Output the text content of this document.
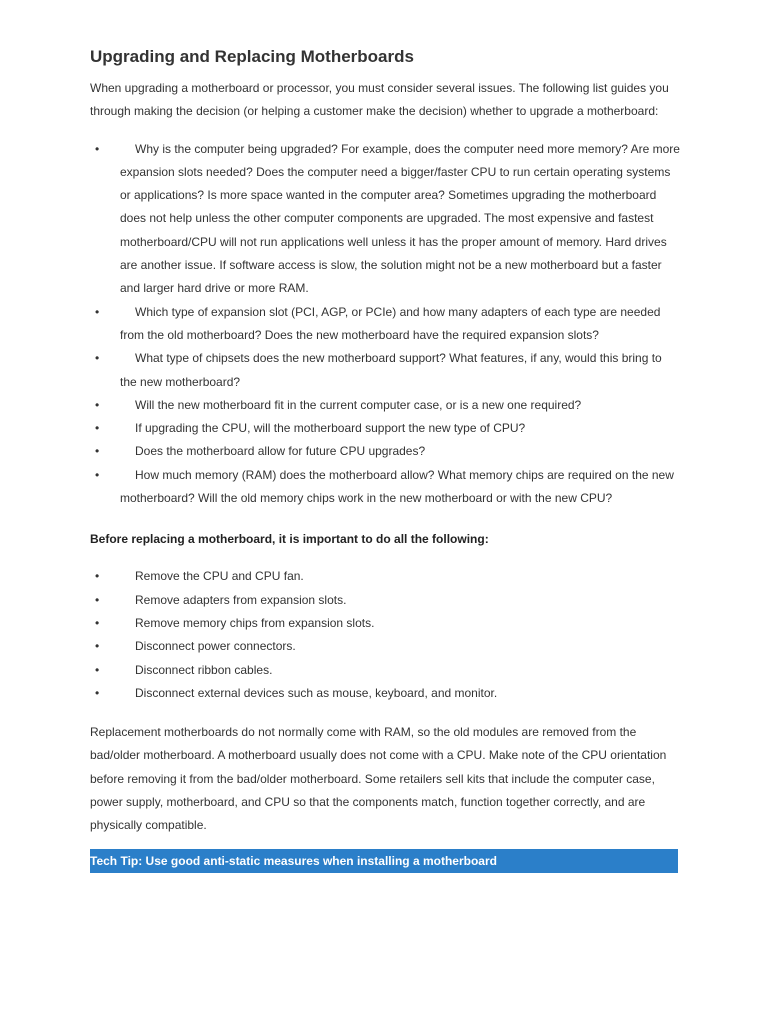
Upgrading and Replacing Motherboards

When upgrading a motherboard or processor, you must consider several issues. The following list guides you through making the decision (or helping a customer make the decision) whether to upgrade a motherboard:

•	Why is the computer being upgraded? For example, does the computer need more memory? Are more expansion slots needed? Does the computer need a bigger/faster CPU to run certain operating systems or applications? Is more space wanted in the computer area? Sometimes upgrading the motherboard does not help unless the other computer components are upgraded. The most expensive and fastest motherboard/CPU will not run applications well unless it has the proper amount of memory. Hard drives are another issue. If software access is slow, the solution might not be a new motherboard but a faster and larger hard drive or more RAM.
•	Which type of expansion slot (PCI, AGP, or PCIe) and how many adapters of each type are needed from the old motherboard? Does the new motherboard have the required expansion slots?
•	What type of chipsets does the new motherboard support? What features, if any, would this bring to the new motherboard?
•	Will the new motherboard fit in the current computer case, or is a new one required?
•	If upgrading the CPU, will the motherboard support the new type of CPU?
•	Does the motherboard allow for future CPU upgrades?
•	How much memory (RAM) does the motherboard allow? What memory chips are required on the new motherboard? Will the old memory chips work in the new motherboard or with the new CPU?

Before replacing a motherboard, it is important to do all the following:

•	Remove the CPU and CPU fan.
•	Remove adapters from expansion slots.
•	Remove memory chips from expansion slots.
•	Disconnect power connectors.
•	Disconnect ribbon cables.
•	Disconnect external devices such as mouse, keyboard, and monitor.

Replacement motherboards do not normally come with RAM, so the old modules are removed from the bad/older motherboard. A motherboard usually does not come with a CPU. Make note of the CPU orientation before removing it from the bad/older motherboard. Some retailers sell kits that include the computer case, power supply, motherboard, and CPU so that the components match, function together correctly, and are physically compatible.

Tech Tip: Use good anti-static measures when installing a motherboard
